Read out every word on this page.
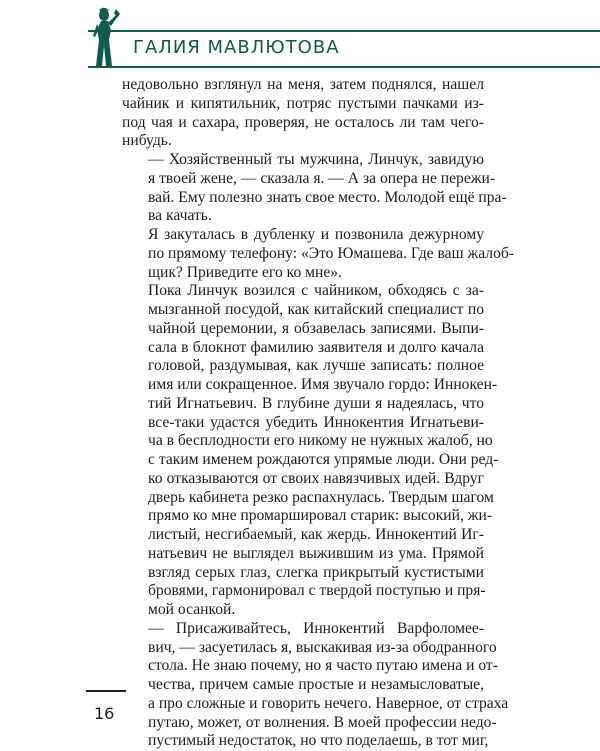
ГАЛИЯ МАВЛЮТОВА

недовольно взглянул на меня, затем поднялся, нашел
чайник и кипятильник, потряс пустыми пачками из-
под чая и сахара, проверяя, не осталось ли там чего-
нибудь.

— Хозяйственный ты мужчина, Линчук, завидую
я твоей жене, — сказала я. — А за опера не пережи-
вай. Ему полезно знать свое место. Молодой ещё пра-
ва качать.

Я закуталась в дубленку и позвонила дежурному
по прямому телефону: «Это Юмашева. Где ваш жалоб-
щик? Приведите его ко мне».

Пока Линчук возился с чайником, обходясь с за-
мызганной посудой, как китайский специалист по
чайной церемонии, я обзавелась записями. Выпи-
сала в блокнот фамилию заявителя и долго качала
головой, раздумывая, как лучше записать: полное
имя или сокращенное. Имя звучало гордо: Иннокен-
тий Игнатьевич. В глубине души я надеялась, что
все-таки удастся убедить Иннокентия Игнатьеви-
ча в бесплодности его никому не нужных жалоб, но
с таким именем рождаются упрямые люди. Они ред-
ко отказываются от своих навязчивых идей. Вдруг
дверь кабинета резко распахнулась. Твердым шагом
прямо ко мне промаршировал старик: высокий, жи-
листый, несгибаемый, как жердь. Иннокентий Иг-
натьевич не выглядел выжившим из ума. Прямой
взгляд серых глаз, слегка прикрытый кустистыми
бровями, гармонировал с твердой поступью и пря-
мой осанкой.

— Присаживайтесь, Иннокентий Варфоломее-
вич, — засуетилась я, выскакивая из-за ободранного
стола. Не знаю почему, но я часто путаю имена и от-
чества, причем самые простые и незамысловатые,
а про сложные и говорить нечего. Наверное, от страха
путаю, может, от волнения. В моей профессии недо-
пустимый недостаток, но что поделаешь, в тот миг,

16
